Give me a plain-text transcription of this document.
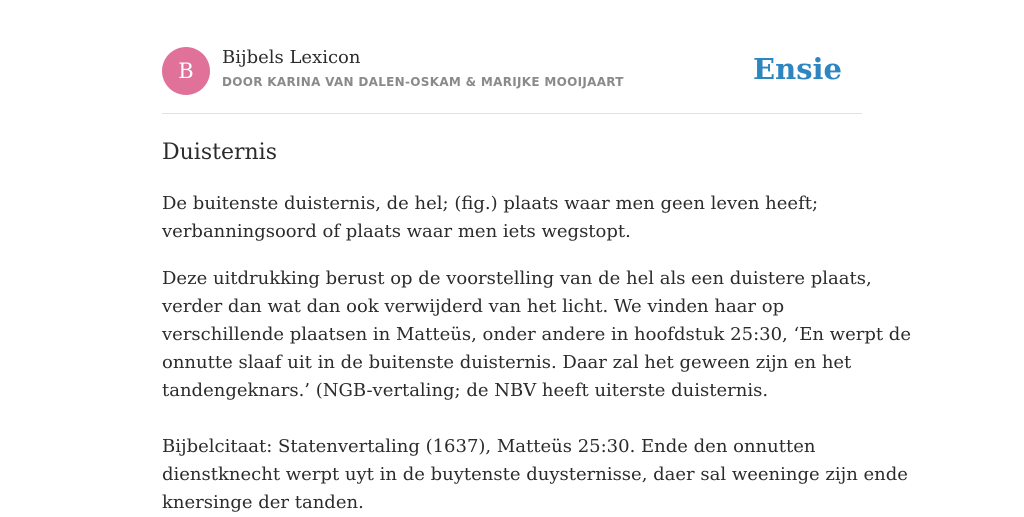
B
Bijbels Lexicon
DOOR KARINA VAN DALEN-OSKAM & MARIJKE MOOIJAART	Ensie
Duisternis
De buitenste duisternis, de hel; (fig.) plaats waar men geen leven heeft;
verbanningsoord of plaats waar men iets wegstopt.
Deze uitdrukking berust op de voorstelling van de hel als een duistere plaats,
verder dan wat dan ook verwijderd van het licht. We vinden haar op
verschillende plaatsen in Matteüs, onder andere in hoofdstuk 25:30, ‘En werpt de
onnutte slaaf uit in de buitenste duisternis. Daar zal het geween zijn en het
tandengeknars.’ (NGB-vertaling; de NBV heeft uiterste duisternis.
Bijbelcitaat: Statenvertaling (1637), Matteüs 25:30. Ende den onnutten
dienstknecht werpt uyt in de buytenste duysternisse, daer sal weeninge zijn ende
knersinge der tanden.
